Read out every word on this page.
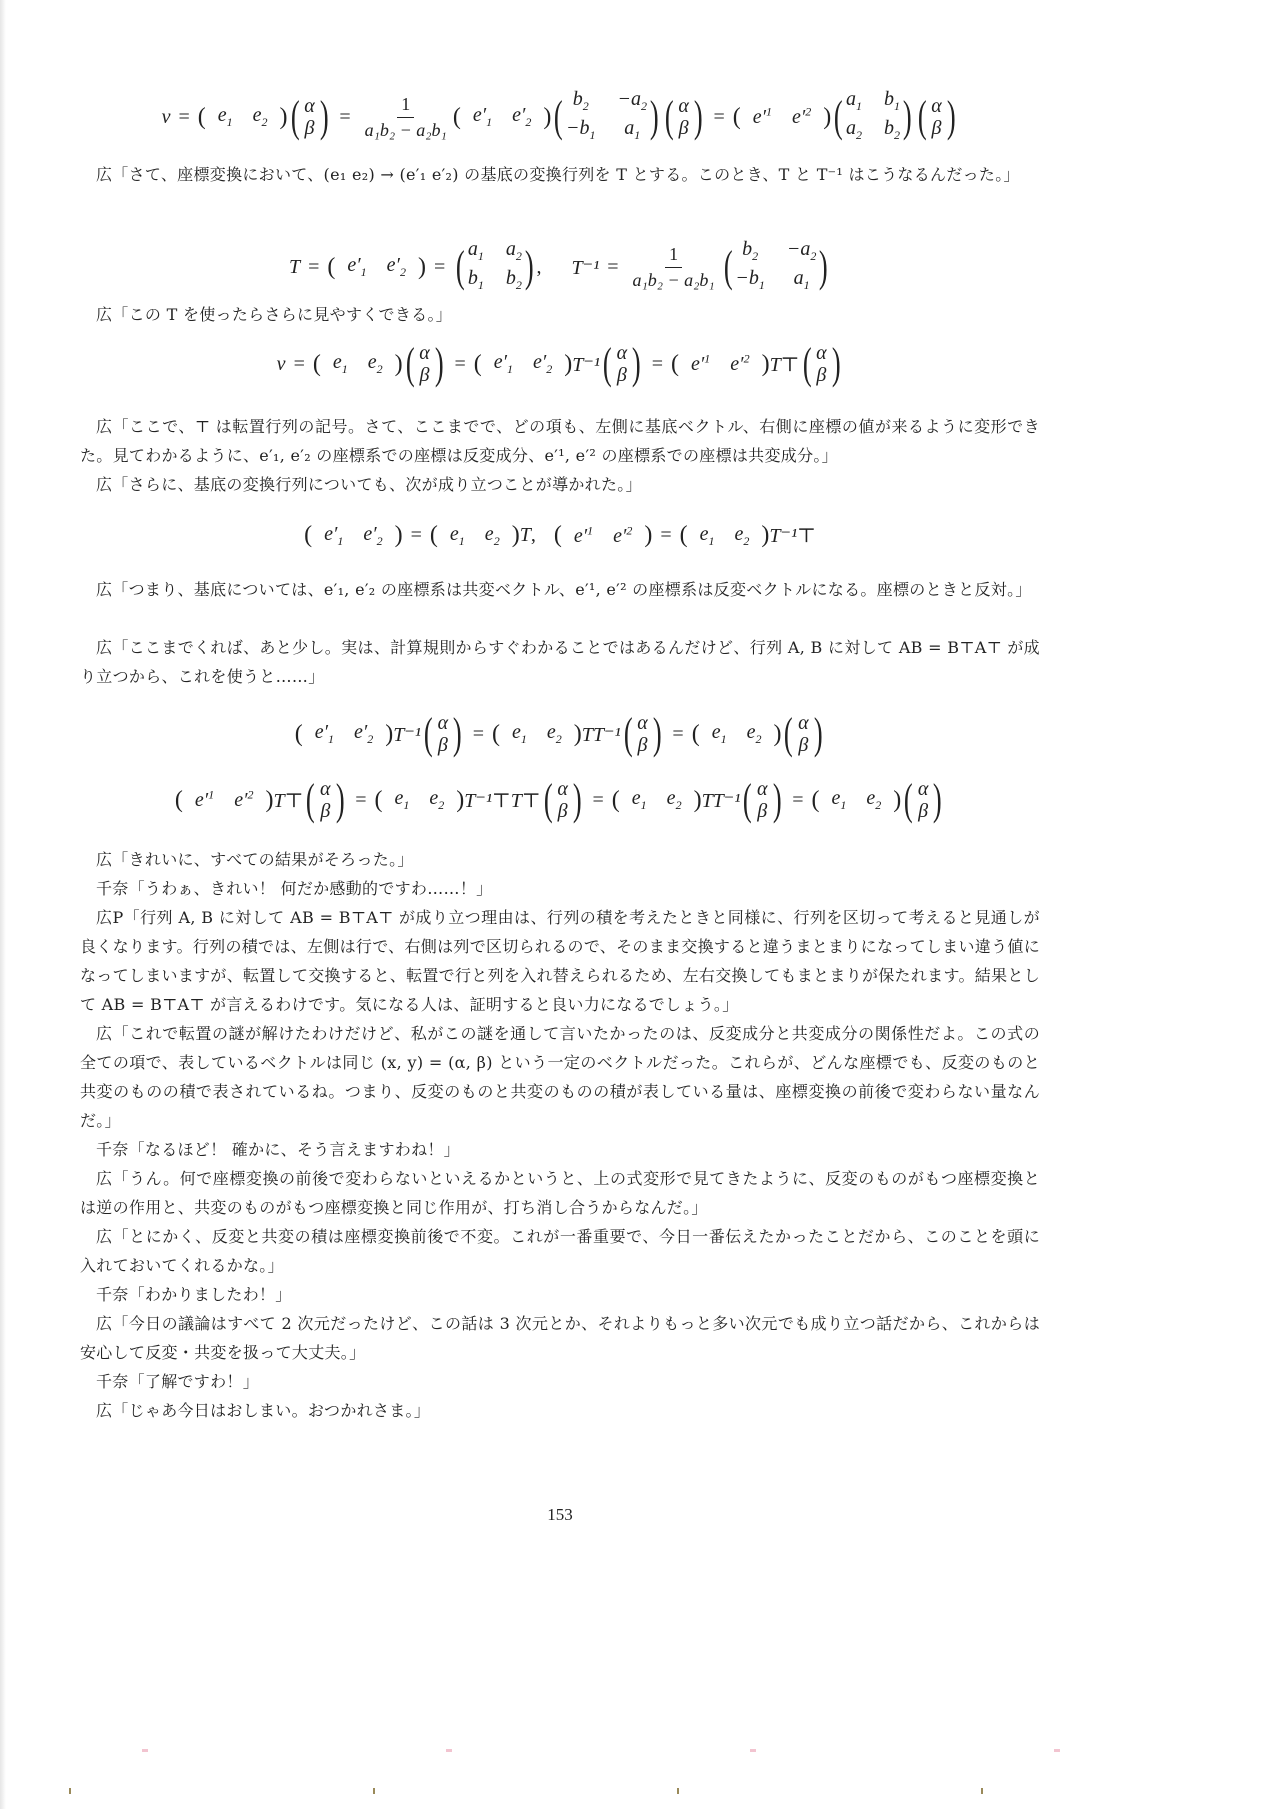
v = ( $e_1$ $e_2$ ) ( α
β ) = $\frac{1}{\text{a₁b₂ − a₂b₁}}$ ( $e'_1$ $e'_2$ ) ( $b_2$	$-a_2$
$-b_1$	$a_1$ ) ( α
β ) = ( $e'^1$ $e'^2$ ) ( $a_1$ $b_1$
$a_2$ $b_2$ ) ( α
β )
広「さて、座標変換において、(e₁ e₂) → (e′₁ e′₂) の基底の変換行列を T とする。このとき、T と T⁻¹ はこうなるんだった。」
T = ( $e'_1$ $e'_2$ ) = ( $a_1$ $a_2$
$b_1$ $b_2$ ) , $T^{-1} = \frac{1}{\text{a₁b₂ − a₂b₁}}$ ( $b_2$	$-a_2$
$-b_1$	$a_1$ )
広「この T を使ったらさらに見やすくできる。」
v = ( $e_1$ $e_2$ ) ( α
β ) = ( $e'_1$ $e'_2$ ) T⁻¹ ( α
β ) = ( $e'^1$ $e'^2$ ) T⊤ ( α
β )
広「ここで、⊤ は転置行列の記号。さて、ここまでで、どの項も、左側に基底ベクトル、右側に座標の値が来るように変形できた。見てわかるように、e′₁, e′₂ の座標系での座標は反変成分、e′¹, e′² の座標系での座標は共変成分。」
広「さらに、基底の変換行列についても、次が成り立つことが導かれた。」
( $e'_1$ $e'_2$ ) = ( $e_1$ $e_2$ ) T , ( $e'^1$ $e'^2$ ) = ( $e_1$ $e_2$ ) T⁻¹⊤
広「つまり、基底については、e′₁, e′₂ の座標系は共変ベクトル、e′¹, e′² の座標系は反変ベクトルになる。座標のときと反対。」
広「ここまでくれば、あと少し。実は、計算規則からすぐわかることではあるんだけど、行列 A, B に対して AB = B⊤A⊤ が成り立つから、これを使うと……」
( $e'_1$ $e'_2$ ) T⁻¹ ( α
β ) = ( $e_1$ $e_2$ ) TT⁻¹ ( α
β ) = ( $e_1$ $e_2$ ) ( α
β )
( $e'^1$ $e'^2$ ) T⊤ ( α
β ) = ( $e_1$ $e_2$ ) T⁻¹⊤T⊤ ( α
β ) = ( $e_1$ $e_2$ ) TT⁻¹ ( α
β ) = ( $e_1$ $e_2$ ) ( α
β )
広「きれいに、すべての結果がそろった。」
千奈「うわぁ、きれい！ 何だか感動的ですわ……！」
広P「行列 A, B に対して AB = B⊤A⊤ が成り立つ理由は、行列の積を考えたときと同様に、行列を区切って考えると見通しが良くなります。行列の積では、左側は行で、右側は列で区切られるので、そのまま交換すると違うまとまりになってしまい違う値になってしまいますが、転置して交換すると、転置で行と列を入れ替えられるため、左右交換してもまとまりが保たれます。結果として AB = B⊤A⊤ が言えるわけです。気になる人は、証明すると良い力になるでしょう。」
広「これで転置の謎が解けたわけだけど、私がこの謎を通して言いたかったのは、反変成分と共変成分の関係性だよ。この式の全ての項で、表しているベクトルは同じ (x, y) = (α, β) という一定のベクトルだった。これらが、どんな座標でも、反変のものと共変のものの積で表されているね。つまり、反変のものと共変のものの積が表している量は、座標変換の前後で変わらない量なんだ。」
千奈「なるほど！ 確かに、そう言えますわね！」
広「うん。何で座標変換の前後で変わらないといえるかというと、上の式変形で見てきたように、反変のものがもつ座標変換とは逆の作用と、共変のものがもつ座標変換と同じ作用が、打ち消し合うからなんだ。」
広「とにかく、反変と共変の積は座標変換前後で不変。これが一番重要で、今日一番伝えたかったことだから、このことを頭に入れておいてくれるかな。」
千奈「わかりましたわ！」
広「今日の議論はすべて 2 次元だったけど、この話は 3 次元とか、それよりもっと多い次元でも成り立つ話だから、これからは安心して反変・共変を扱って大丈夫。」
千奈「了解ですわ！」
広「じゃあ今日はおしまい。おつかれさま。」
153
